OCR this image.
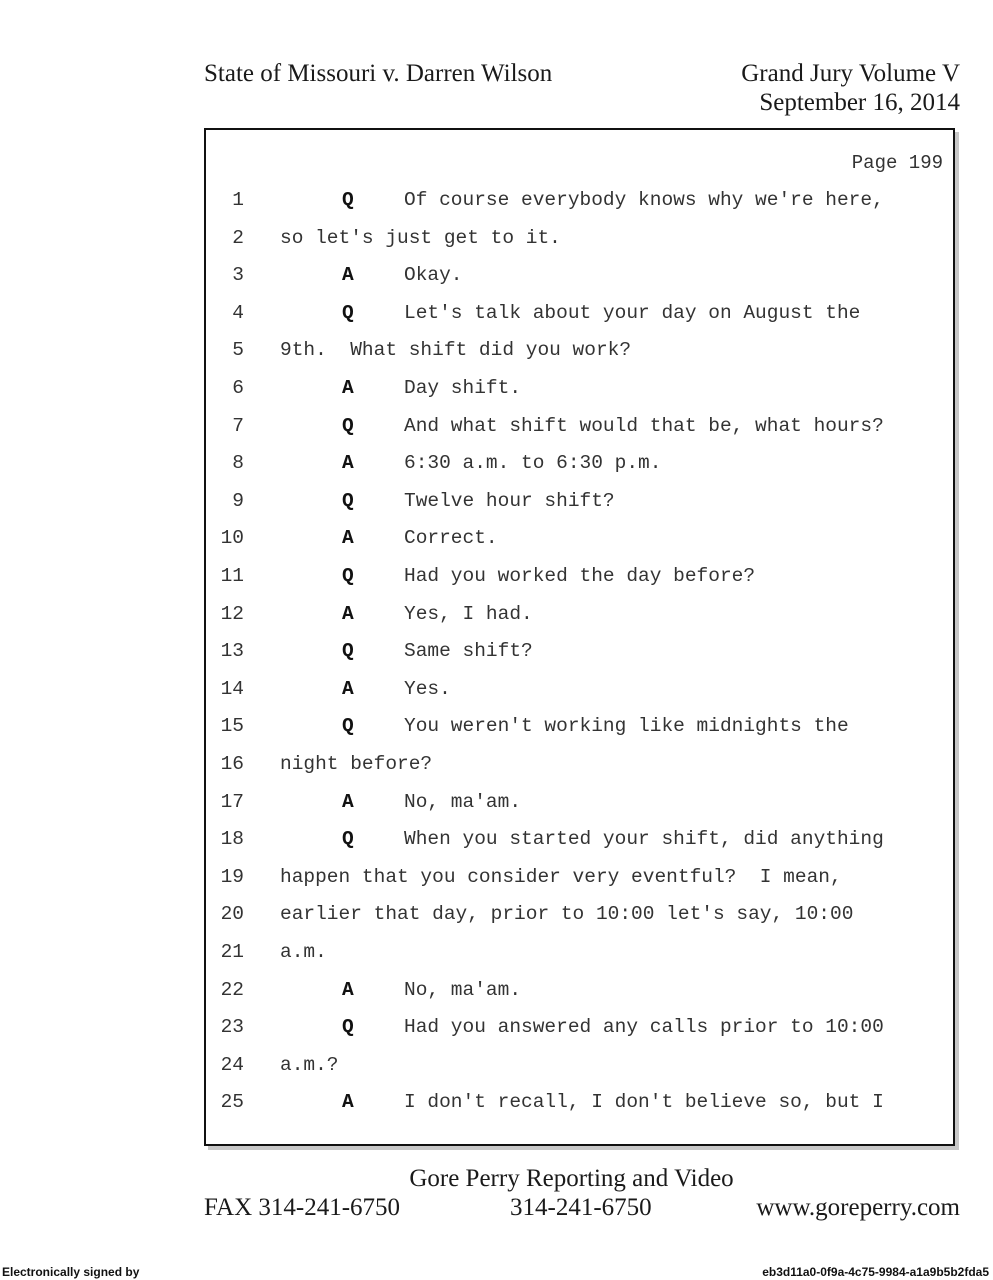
State of Missouri v. Darren Wilson	Grand Jury Volume V
September 16, 2014
Page 199
1	Q	Of course everybody knows why we're here,
2 so let's just get to it.
3	A	Okay.
4	Q	Let's talk about your day on August the
5 9th.  What shift did you work?
6	A	Day shift.
7	Q	And what shift would that be, what hours?
8	A	6:30 a.m. to 6:30 p.m.
9	Q	Twelve hour shift?
10	A	Correct.
11	Q	Had you worked the day before?
12	A	Yes, I had.
13	Q	Same shift?
14	A	Yes.
15	Q	You weren't working like midnights the
16 night before?
17	A	No, ma'am.
18	Q	When you started your shift, did anything
19 happen that you consider very eventful?  I mean,
20 earlier that day, prior to 10:00 let's say, 10:00
21 a.m.
22	A	No, ma'am.
23	Q	Had you answered any calls prior to 10:00
24 a.m.?
25	A	I don't recall, I don't believe so, but I
Gore Perry Reporting and Video
FAX 314-241-6750	314-241-6750	www.goreperry.com
Electronically signed by	eb3d11a0-0f9a-4c75-9984-a1a9b5b2fda5
